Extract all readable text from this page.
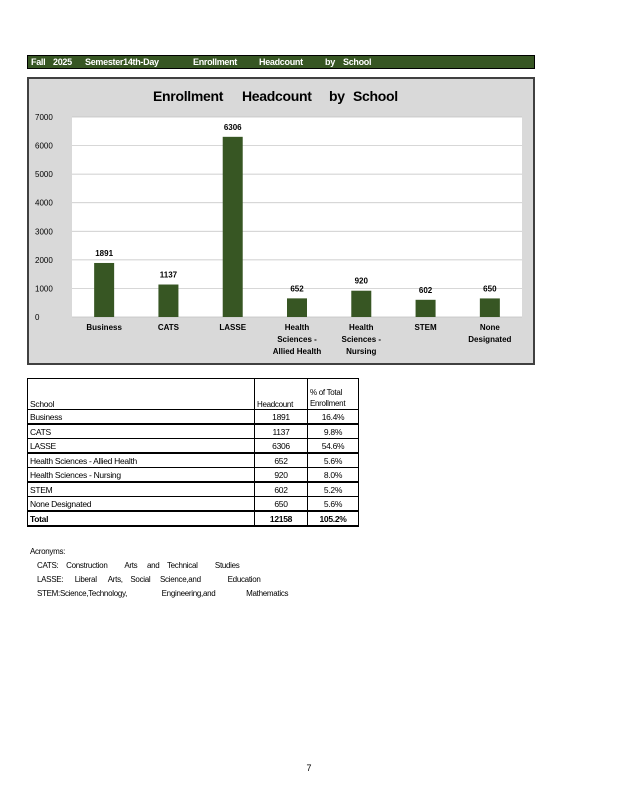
Fall 2025 Semester14th-Day	Enrollment Headcount by School
Enrollment Headcount by School
0
1000
2000
3000
4000
5000
6000
7000
1891
Business
1137
CATS
6306
LASSE
652
Health
Sciences -
Allied Health
920
Health
Sciences -
Nursing
602
STEM
650
None
Designated
School	Headcount	% of Total Enrollment
Business	1891	16.4%
CATS	1137	9.8%
LASSE	6306	54.6%
Health Sciences - Allied Health	652	5.6%
Health Sciences - Nursing	920	8.0%
STEM	602	5.2%
None Designated	650	5.6%
Total	12158	105.2%
Acronyms:
CATS:    Construction         Arts     and    Technical         Studies
LASSE:      Liberal      Arts,    Social     Science,and              Education
STEM:Science,Technology,                  Engineering,and                Mathematics
7
